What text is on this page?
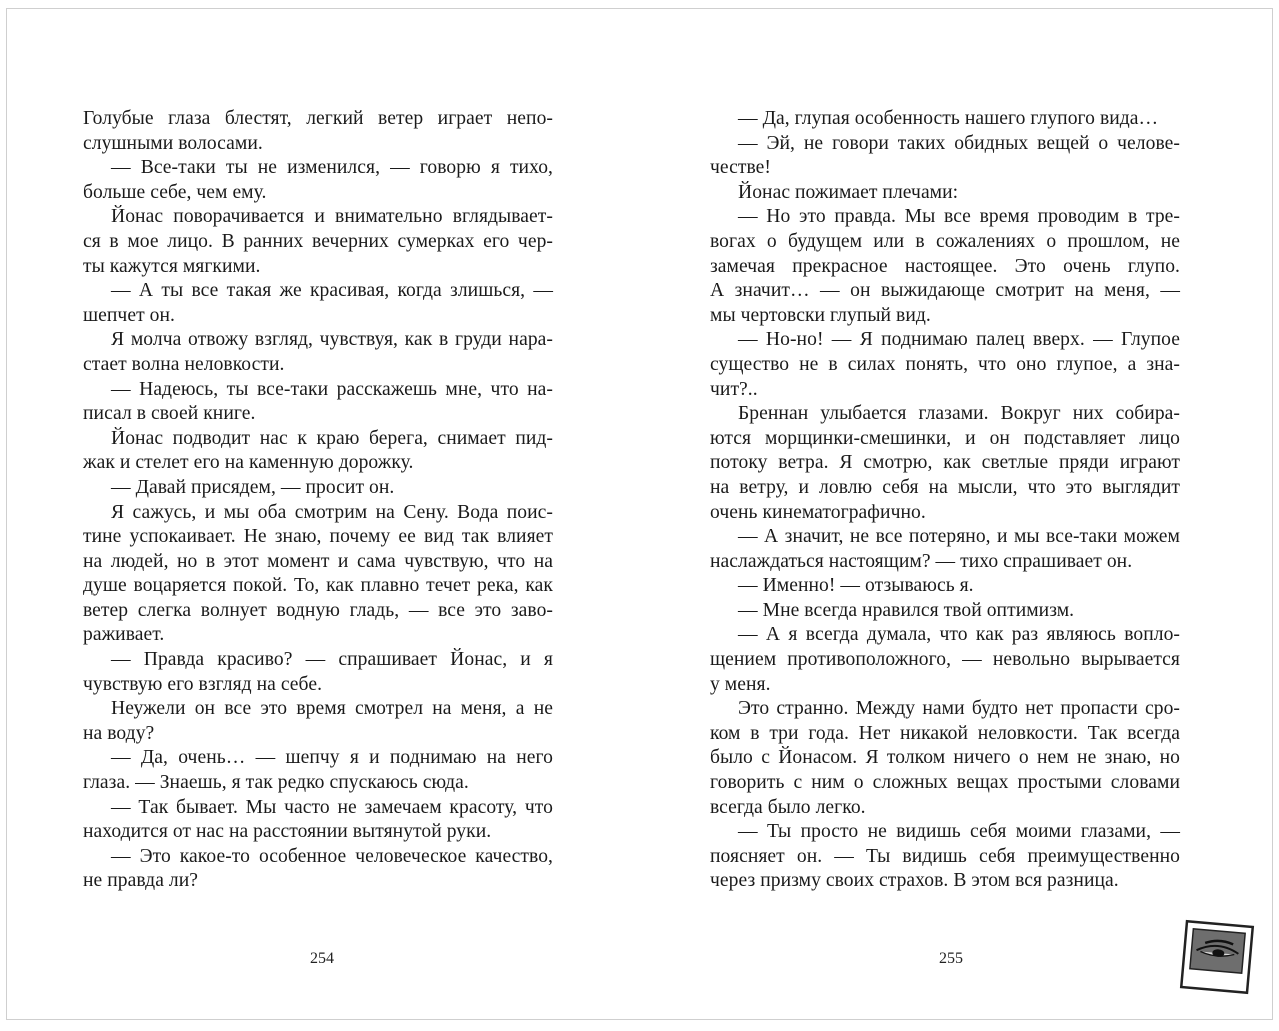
Голубые глаза блестят, легкий ветер играет непо-
слушными волосами.
— Все-таки ты не изменился, — говорю я тихо,
больше себе, чем ему.
Йонас поворачивается и внимательно вглядывает-
ся в мое лицо. В ранних вечерних сумерках его чер-
ты кажутся мягкими.
— А ты все такая же красивая, когда злишься, —
шепчет он.
Я молча отвожу взгляд, чувствуя, как в груди нара-
стает волна неловкости.
— Надеюсь, ты все-таки расскажешь мне, что на-
писал в своей книге.
Йонас подводит нас к краю берега, снимает пид-
жак и стелет его на каменную дорожку.
— Давай присядем, — просит он.
Я сажусь, и мы оба смотрим на Сену. Вода поис-
тине успокаивает. Не знаю, почему ее вид так влияет
на людей, но в этот момент и сама чувствую, что на
душе воцаряется покой. То, как плавно течет река, как
ветер слегка волнует водную гладь, — все это заво-
раживает.
— Правда красиво? — спрашивает Йонас, и я
чувствую его взгляд на себе.
Неужели он все это время смотрел на меня, а не
на воду?
— Да, очень… — шепчу я и поднимаю на него
глаза. — Знаешь, я так редко спускаюсь сюда.
— Так бывает. Мы часто не замечаем красоту, что
находится от нас на расстоянии вытянутой руки.
— Это какое-то особенное человеческое качество,
не правда ли?
— Да, глупая особенность нашего глупого вида…
— Эй, не говори таких обидных вещей о челове-
честве!
Йонас пожимает плечами:
— Но это правда. Мы все время проводим в тре-
вогах о будущем или в сожалениях о прошлом, не
замечая прекрасное настоящее. Это очень глупо.
А значит… — он выжидающе смотрит на меня, —
мы чертовски глупый вид.
— Но-но! — Я поднимаю палец вверх. — Глупое
существо не в силах понять, что оно глупое, а зна-
чит?..
Бреннан улыбается глазами. Вокруг них собира-
ются морщинки-смешинки, и он подставляет лицо
потоку ветра. Я смотрю, как светлые пряди играют
на ветру, и ловлю себя на мысли, что это выглядит
очень кинематографично.
— А значит, не все потеряно, и мы все-таки можем
наслаждаться настоящим? — тихо спрашивает он.
— Именно! — отзываюсь я.
— Мне всегда нравился твой оптимизм.
— А я всегда думала, что как раз являюсь вопло-
щением противоположного, — невольно вырывается
у меня.
Это странно. Между нами будто нет пропасти сро-
ком в три года. Нет никакой неловкости. Так всегда
было с Йонасом. Я толком ничего о нем не знаю, но
говорить с ним о сложных вещах простыми словами
всегда было легко.
— Ты просто не видишь себя моими глазами, —
поясняет он. — Ты видишь себя преимущественно
через призму своих страхов. В этом вся разница.
254	255
